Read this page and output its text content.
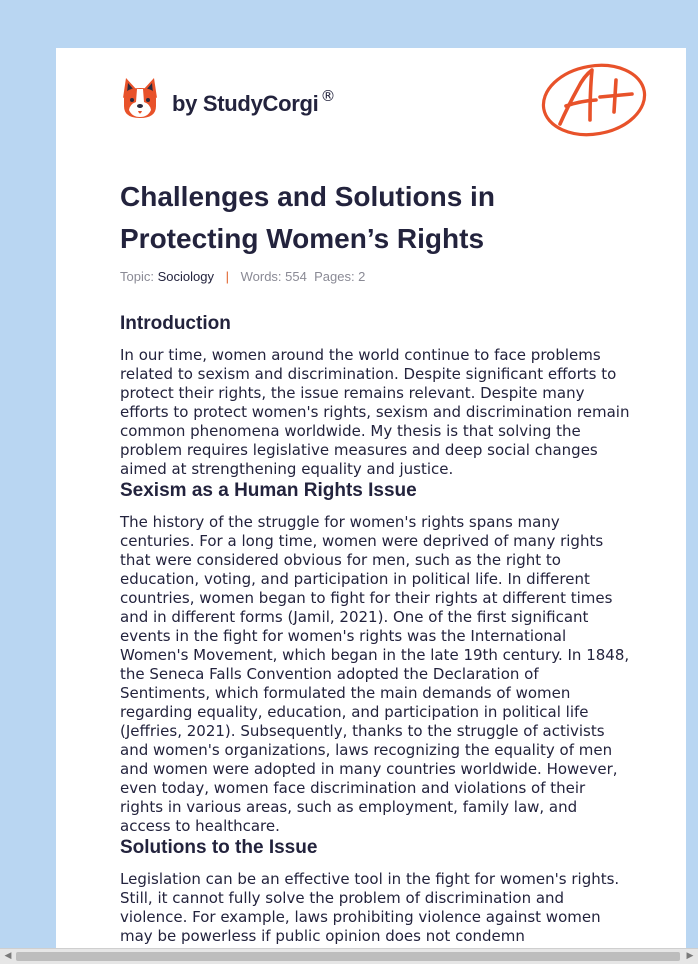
by StudyCorgi ®
A+
Challenges and Solutions in Protecting Women’s Rights
Topic: Sociology | Words: 554 Pages: 2
Introduction

In our time, women around the world continue to face problems related to sexism and discrimination. Despite significant efforts to protect their rights, the issue remains relevant. Despite many efforts to protect women's rights, sexism and discrimination remain common phenomena worldwide. My thesis is that solving the problem requires legislative measures and deep social changes aimed at strengthening equality and justice.

Sexism as a Human Rights Issue

The history of the struggle for women's rights spans many centuries. For a long time, women were deprived of many rights that were considered obvious for men, such as the right to education, voting, and participation in political life. In different countries, women began to fight for their rights at different times and in different forms (Jamil, 2021). One of the first significant events in the fight for women's rights was the International Women's Movement, which began in the late 19th century. In 1848, the Seneca Falls Convention adopted the Declaration of Sentiments, which formulated the main demands of women regarding equality, education, and participation in political life (Jeffries, 2021). Subsequently, thanks to the struggle of activists and women's organizations, laws recognizing the equality of men and women were adopted in many countries worldwide. However, even today, women face discrimination and violations of their rights in various areas, such as employment, family law, and access to healthcare.

Solutions to the Issue

Legislation can be an effective tool in the fight for women's rights. Still, it cannot fully solve the problem of discrimination and violence. For example, laws prohibiting violence against women may be powerless if public opinion does not condemn

◀	▶
